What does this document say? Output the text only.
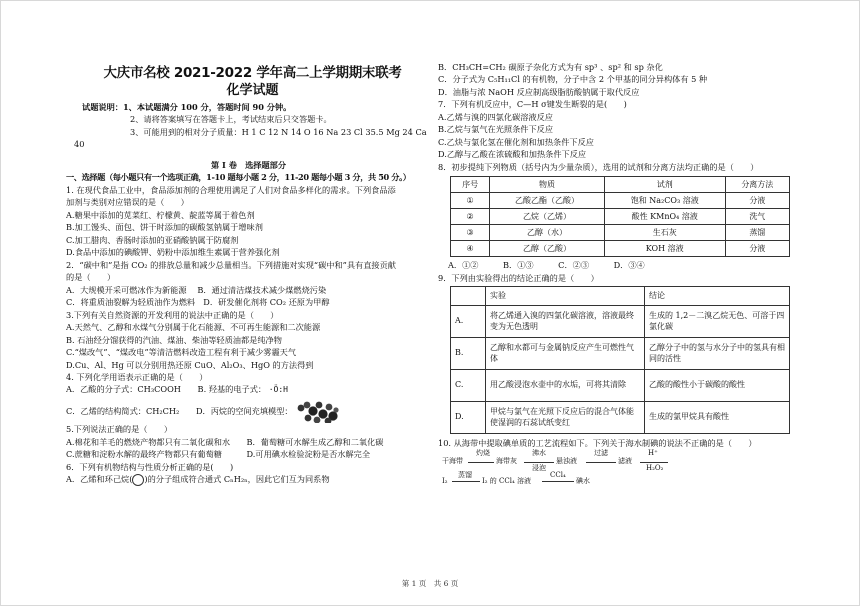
大庆市名校 2021-2022 学年高二上学期期末联考
化学试题
试题说明：1、本试题满分 100 分，答题时间 90 分钟。
2、请将答案填写在答题卡上，考试结束后只交答题卡。
3、可能用到的相对分子质量：H 1 C 12 N 14 O 16 Na 23 Cl 35.5 Mg 24 Ca
40
第 I 卷　选择题部分
一、选择题（每小题只有一个选项正确，1-10 题每小题 2 分，11-20 题每小题 3 分，共 50 分。）
1. 在现代食品工业中，食品添加剂的合理使用满足了人们对食品多样化的需求。下列食品添
加剂与类别对应错误的是（　　）
A.糖果中添加的苋菜红、柠檬黄、靛蓝等属于着色剂
B.加工馒头、面包、饼干时添加的碳酸氢钠属于增味剂
C.加工腊肉、香肠时添加的亚硝酸钠属于防腐剂
D.食品中添加的碘酸钾、奶粉中添加维生素属于营养强化剂
2．“碳中和”是指 CO₂ 的排放总量和减少总量相当。下列措施对实现“碳中和”具有直接贡献
的是（　　）
A．大规模开采可燃冰作为新能源　 B．通过清洁煤技术减少煤燃烧污染
C．将重质油裂解为轻质油作为燃料　D．研发催化剂将 CO₂ 还原为甲醇
3.下列有关自然资源的开发利用的说法中正确的是（　　）
A.天然气、乙醇和水煤气分别属于化石能源、不可再生能源和二次能源
B. 石油经分馏获得的汽油、煤油、柴油等轻质油都是纯净物
C.“煤改气”、“煤改电”等清洁燃料改造工程有利于减少雾霾天气
D.Cu、Al、Hg 可以分别用热还原 CuO、Al₂O₃、HgO 的方法得到
4. 下列化学用语表示正确的是（　　）
A．乙酸的分子式：CH₃COOH B. 羟基的电子式： ·Ö:H
C．乙烯的结构简式：CH₂CH₂ D．丙烷的空间充填模型：
5.下列说法正确的是（　　）
A.棉花和羊毛的燃烧产物都只有二氧化碳和水　　B．葡萄糖可水解生成乙醇和二氧化碳
C.蔗糖和淀粉水解的最终产物都只有葡萄糖　　　D.可用碘水检验淀粉是否水解完全
6．下列有机物结构与性质分析正确的是(　　)
A．乙烯和环己烷( )的分子组成符合通式 CₙH₂ₙ，因此它们互为同系物
B．CH₃CH=CH₂ 碳原子杂化方式为有 sp³ 、sp² 和 sp 杂化
C．分子式为 C₅H₁₁Cl 的有机物，分子中含 2 个甲基的同分异构体有 5 种
D．油脂与浓 NaOH 反应制高级脂肪酸钠属于取代反应
7．下列有机反应中，C—H σ键发生断裂的是(　　)
A.乙烯与溴的四氯化碳溶液反应
B.乙烷与氯气在光照条件下反应
C.乙炔与氯化氢在催化剂和加热条件下反应
D.乙醇与乙酸在浓硫酸和加热条件下反应
8．初步提纯下列物质（括号内为少量杂质），选用的试剂和分离方法均正确的是（　　）
序号	物质	试剂	分离方法
①	乙酸乙酯（乙酸）	饱和 Na₂CO₃ 溶液	分液
②	乙烷（乙烯）	酸性 KMnO₄ 溶液	洗气
③	乙醇（水）	生石灰	蒸馏
④	乙醇（乙酸）	KOH 溶液	分液
A．①②　　　B．①③　　　C．②③　　　D．③④
9．下列由实验得出的结论正确的是（　　）
	实验	结论
A.	将乙烯通入溴的四氯化碳溶液，溶液最终变为无色透明	生成的 1,2－二溴乙烷无色、可溶于四氯化碳
B.	乙醇和水都可与金属钠反应产生可燃性气体	乙醇分子中的氢与水分子中的氢具有相同的活性
C.	用乙酸浸泡水壶中的水垢，可将其清除	乙酸的酸性小于碳酸的酸性
D.	甲烷与氯气在光照下反应后的混合气体能使湿润的石蕊试纸变红	生成的氯甲烷具有酸性
10. 从海带中提取碘单质的工艺流程如下。下列关于海水制碘的说法不正确的是（　　）
干海带
灼烧
海带灰
沸水
浸泡
悬浊液
过滤
滤液
H⁺
H₂O₂
碘水
CCl₄
I₂ 的 CCl₄ 溶液
蒸馏
I₂
第 1 页　共 6 页
